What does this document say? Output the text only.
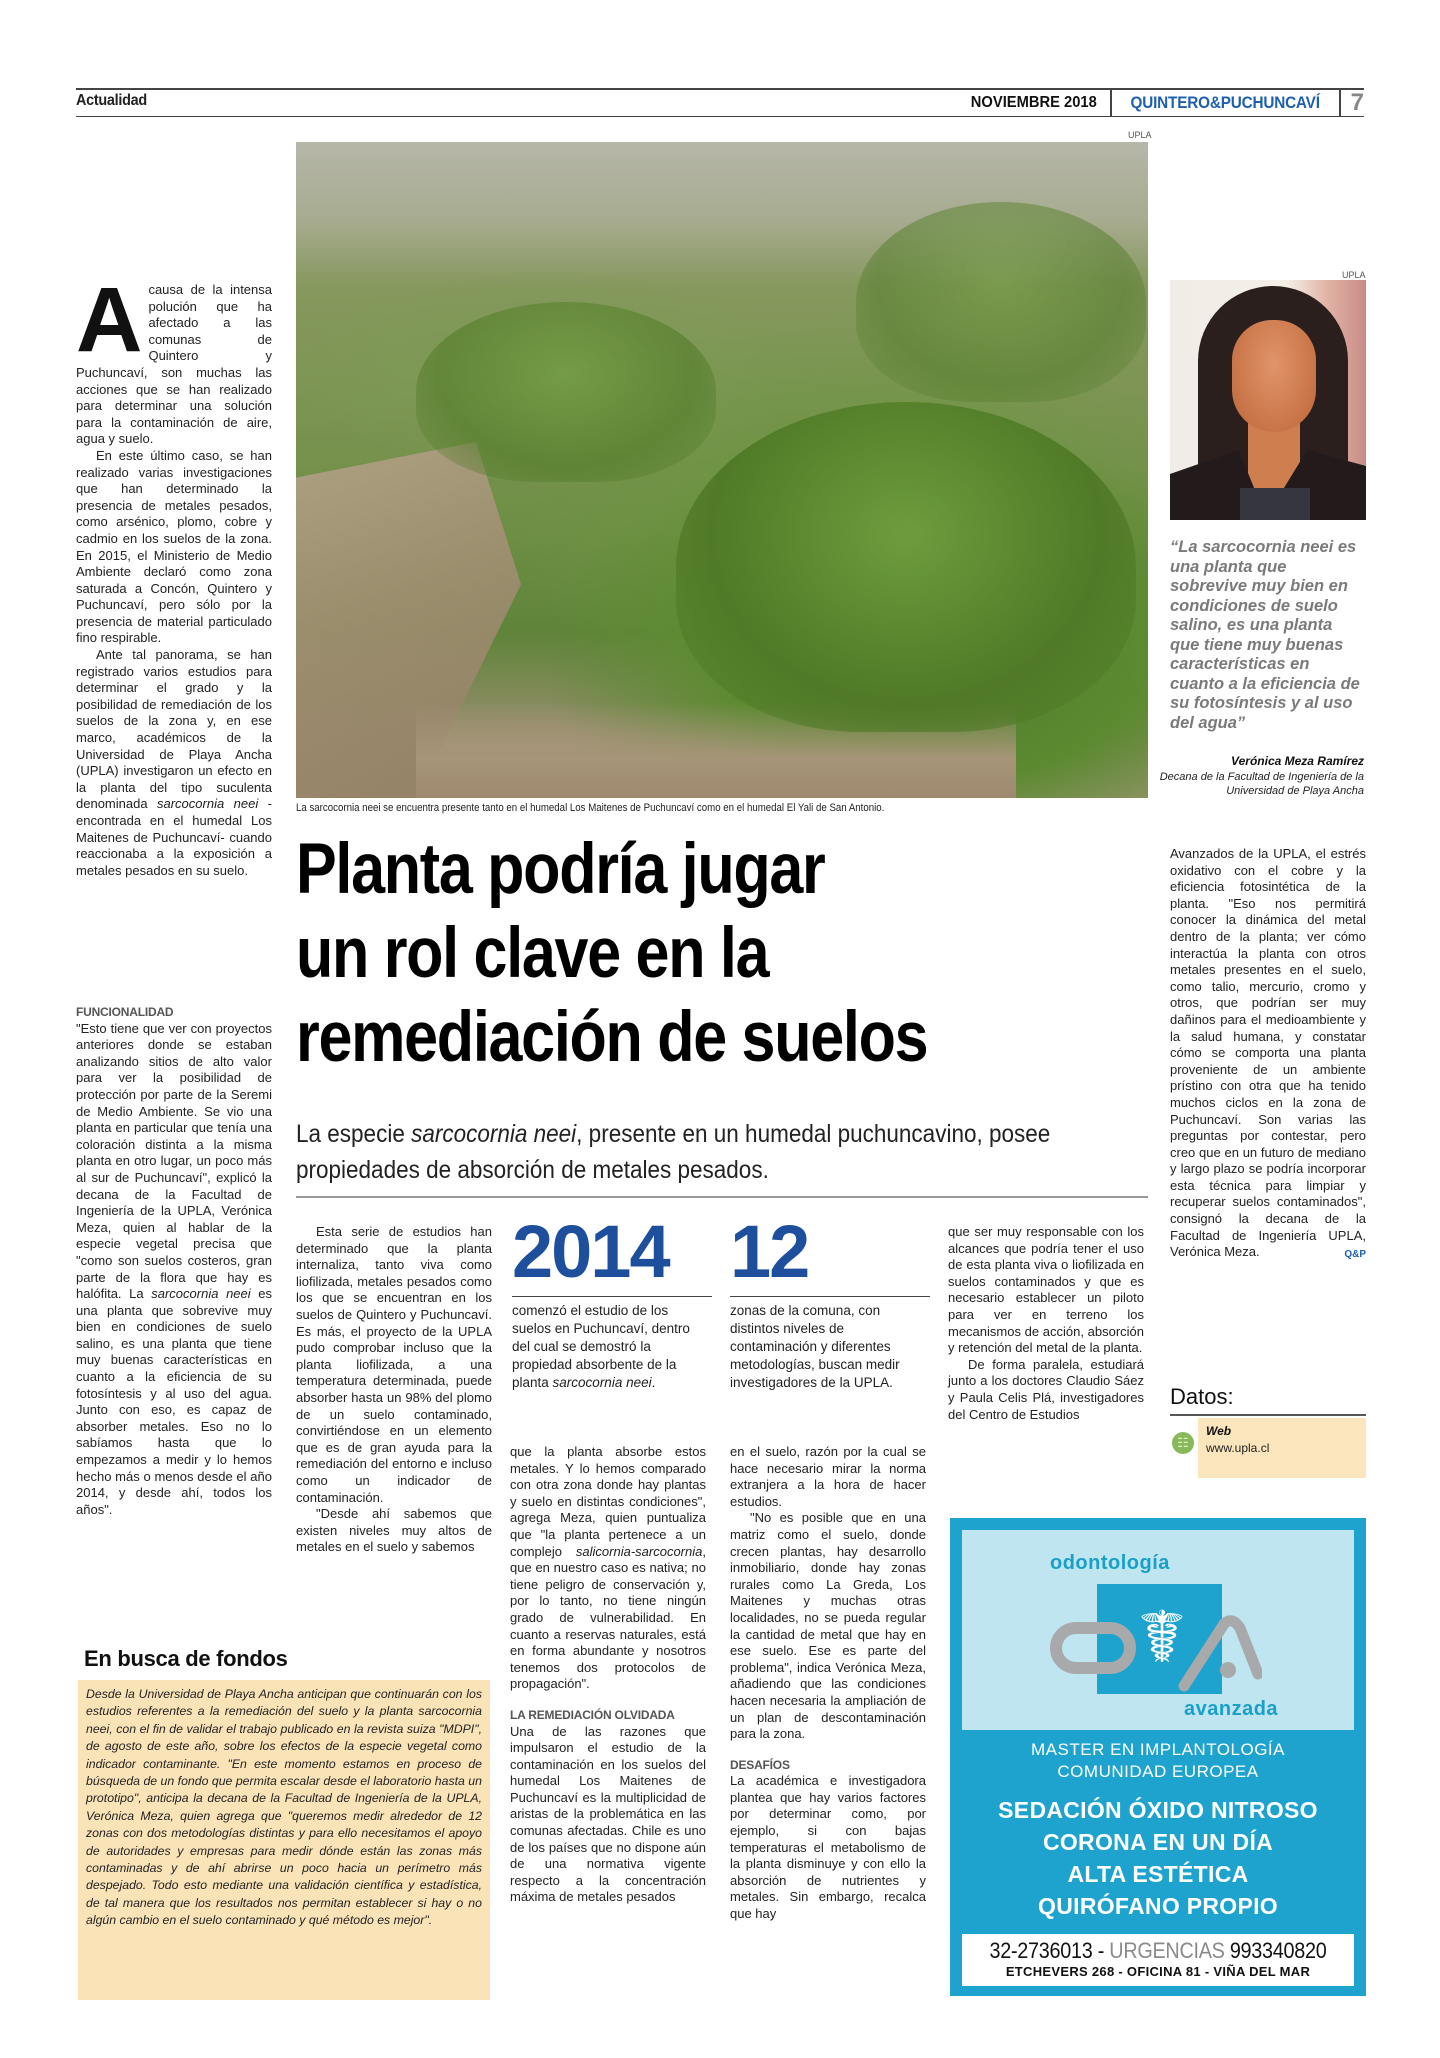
Actualidad	NOVIEMBRE 2018	QUINTERO&PUCHUNCAVÍ	7
UPLA
La sarcocornia neei se encuentra presente tanto en el humedal Los Maitenes de Puchuncaví como en el humedal El Yali de San Antonio.
UPLA
“La sarcocornia neei es una planta que sobrevive muy bien en condiciones de suelo salino, es una planta que tiene muy buenas características en cuanto a la eficiencia de su fotosíntesis y al uso del agua”
Verónica Meza Ramírez
Decana de la Facultad de Ingeniería de la Universidad de Playa Ancha
A causa de la intensa polución que ha afectado a las comunas de Quintero y Puchuncaví, son muchas las acciones que se han realizado para determinar una solución para la contaminación de aire, agua y suelo.

En este último caso, se han realizado varias investigaciones que han determinado la presencia de metales pesados, como arsénico, plomo, cobre y cadmio en los suelos de la zona. En 2015, el Ministerio de Medio Ambiente declaró como zona saturada a Concón, Quintero y Puchuncaví, pero sólo por la presencia de material particulado fino respirable.

Ante tal panorama, se han registrado varios estudios para determinar el grado y la posibilidad de remediación de los suelos de la zona y, en ese marco, académicos de la Universidad de Playa Ancha (UPLA) investigaron un efecto en la planta del tipo suculenta denominada sarcocornia neei -encontrada en el humedal Los Maitenes de Puchuncaví- cuando reaccionaba a la exposición a metales pesados en su suelo.

FUNCIONALIDAD

"Esto tiene que ver con proyectos anteriores donde se estaban analizando sitios de alto valor para ver la posibilidad de protección por parte de la Seremi de Medio Ambiente. Se vio una planta en particular que tenía una coloración distinta a la misma planta en otro lugar, un poco más al sur de Puchuncaví", explicó la decana de la Facultad de Ingeniería de la UPLA, Verónica Meza, quien al hablar de la especie vegetal precisa que "como son suelos costeros, gran parte de la flora que hay es halófita. La sarcocornia neei es una planta que sobrevive muy bien en condiciones de suelo salino, es una planta que tiene muy buenas características en cuanto a la eficiencia de su fotosíntesis y al uso del agua. Junto con eso, es capaz de absorber metales. Eso no lo sabíamos hasta que lo empezamos a medir y lo hemos hecho más o menos desde el año 2014, y desde ahí, todos los años".

Planta podría jugar
un rol clave en la
remediación de suelos
La especie sarcocornia neei, presente en un humedal puchuncavino, posee propiedades de absorción de metales pesados.

Esta serie de estudios han determinado que la planta internaliza, tanto viva como liofilizada, metales pesados como los que se encuentran en los suelos de Quintero y Puchuncaví. Es más, el proyecto de la UPLA pudo comprobar incluso que la planta liofilizada, a una temperatura determinada, puede absorber hasta un 98% del plomo de un suelo contaminado, convirtiéndose en un elemento que es de gran ayuda para la remediación del entorno e incluso como un indicador de contaminación.

"Desde ahí sabemos que existen niveles muy altos de metales en el suelo y sabemos

2014
comenzó el estudio de los suelos en Puchuncaví, dentro del cual se demostró la propiedad absorbente de la planta sarcocornia neei.
12
zonas de la comuna, con distintos niveles de contaminación y diferentes metodologías, buscan medir investigadores de la UPLA.

que la planta absorbe estos metales. Y lo hemos comparado con otra zona donde hay plantas y suelo en distintas condiciones", agrega Meza, quien puntualiza que "la planta pertenece a un complejo salicornia-sarcocornia, que en nuestro caso es nativa; no tiene peligro de conservación y, por lo tanto, no tiene ningún grado de vulnerabilidad. En cuanto a reservas naturales, está en forma abundante y nosotros tenemos dos protocolos de propagación".

LA REMEDIACIÓN OLVIDADA

Una de las razones que impulsaron el estudio de la contaminación en los suelos del humedal Los Maitenes de Puchuncaví es la multiplicidad de aristas de la problemática en las comunas afectadas. Chile es uno de los países que no dispone aún de una normativa vigente respecto a la concentración máxima de metales pesados

en el suelo, razón por la cual se hace necesario mirar la norma extranjera a la hora de hacer estudios.

"No es posible que en una matriz como el suelo, donde crecen plantas, hay desarrollo inmobiliario, donde hay zonas rurales como La Greda, Los Maitenes y muchas otras localidades, no se pueda regular la cantidad de metal que hay en ese suelo. Ese es parte del problema", indica Verónica Meza, añadiendo que las condiciones hacen necesaria la ampliación de un plan de descontaminación para la zona.

DESAFÍOS

La académica e investigadora plantea que hay varios factores por determinar como, por ejemplo, si con bajas temperaturas el metabolismo de la planta disminuye y con ello la absorción de nutrientes y metales. Sin embargo, recalca que hay

que ser muy responsable con los alcances que podría tener el uso de esta planta viva o liofilizada en suelos contaminados y que es necesario establecer un piloto para ver en terreno los mecanismos de acción, absorción y retención del metal de la planta.

De forma paralela, estudiará junto a los doctores Claudio Sáez y Paula Celis Plá, investigadores del Centro de Estudios

Avanzados de la UPLA, el estrés oxidativo con el cobre y la eficiencia fotosintética de la planta. "Eso nos permitirá conocer la dinámica del metal dentro de la planta; ver cómo interactúa la planta con otros metales presentes en el suelo, como talio, mercurio, cromo y otros, que podrían ser muy dañinos para el medioambiente y la salud humana, y constatar cómo se comporta una planta proveniente de un ambiente prístino con otra que ha tenido muchos ciclos en la zona de Puchuncaví. Son varias las preguntas por contestar, pero creo que en un futuro de mediano y largo plazo se podría incorporar esta técnica para limpiar y recuperar suelos contaminados", consignó la decana de la Facultad de Ingeniería UPLA, Verónica Meza.	Q&P

Datos:
Web
www.upla.cl
☷
En busca de fondos

Desde la Universidad de Playa Ancha anticipan que continuarán con los estudios referentes a la remediación del suelo y la planta sarcocornia neei, con el fin de validar el trabajo publicado en la revista suiza "MDPI", de agosto de este año, sobre los efectos de la especie vegetal como indicador contaminante. "En este momento estamos en proceso de búsqueda de un fondo que permita escalar desde el laboratorio hasta un prototipo", anticipa la decana de la Facultad de Ingeniería de la UPLA, Verónica Meza, quien agrega que "queremos medir alrededor de 12 zonas con dos metodologías distintas y para ello necesitamos el apoyo de autoridades y empresas para medir dónde están las zonas más contaminadas y de ahí abrirse un poco hacia un perímetro más despejado. Todo esto mediante una validación científica y estadística, de tal manera que los resultados nos permitan establecer si hay o no algún cambio en el suelo contaminado y qué método es mejor".

odontología
☤
avanzada
MASTER EN IMPLANTOLOGÍA
COMUNIDAD EUROPEA
SEDACIÓN ÓXIDO NITROSO
CORONA EN UN DÍA
ALTA ESTÉTICA
QUIRÓFANO PROPIO
32-2736013 - URGENCIAS 993340820
ETCHEVERS 268 - OFICINA 81 - VIÑA DEL MAR
